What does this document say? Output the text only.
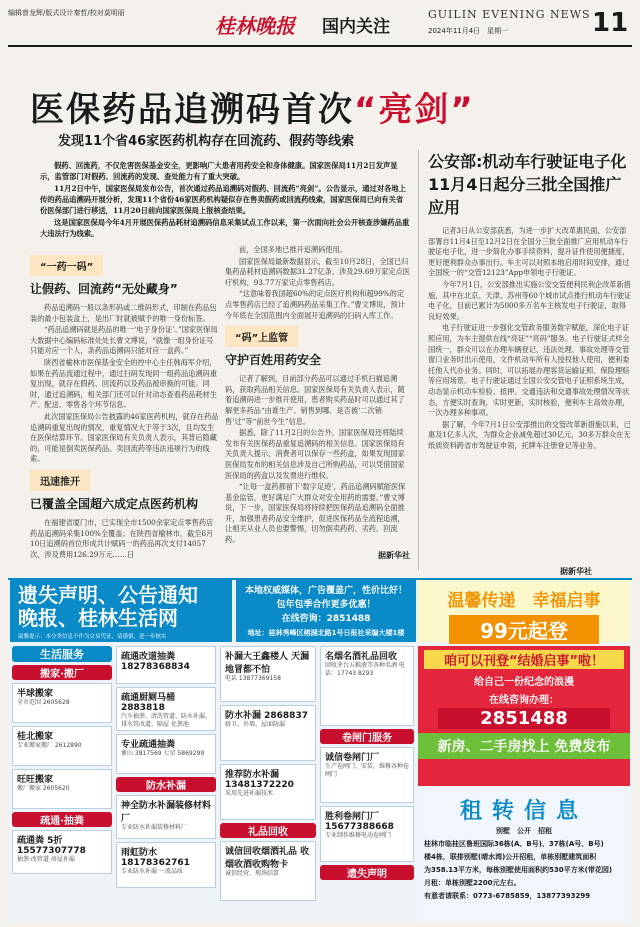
编辑曾龙辉/版式设计秦哲/校对莫明丽
桂林晚报 国内关注
GUILIN EVENING NEWS
2024年11月4日　星期一	11
医保药品追溯码首次“亮剑”
发现11个省46家医药机构存在回流药、假药等线索

假药、回流药，不仅危害医保基金安全，更影响广大患者用药安全和身体健康。国家医保局11月2日发声显示，监管部门对假药、回流药的发现、查处能力有了重大突破。

11月2日中午，国家医保局发布公告，首次通过药品追溯码对假药、回流药“亮剑”。公告显示，通过对各地上传的药品追溯码开展分析，发现11个省份46家医药机构疑似存在售卖假药或回流药线索，国家医保局已向有关省份医保部门进行移送，11月20日前向国家医保局上报核查结果。

这是国家医保局今年4月开展医保药品耗材追溯码信息采集试点工作以来，第一次面向社会公开核查涉嫌药品重大违法行为线索。

“一药一码”
让假药、回流药“无处藏身”

药品追溯码一般以条形码或二维码形式，印制在药品包装的最小包装盒上，是出厂时就被赋予的唯一身份标签。

“药品追溯码就是药品的唯一‘电子身份证’。”国家医保局大数据中心编码标准处处长曹文博说，“就像一组身份证号只能对应一个人，条药品追溯码只能对应一盒药。”

陕西省榆林市医保基金安全的控中心主任韩海军介绍，如果在药品流通过程中，通过扫码发现同一组药品追溯码重复出现，就存在假药、回流药以及药品被串换的可能。同时，通过追溯码，相关部门还可以针对动态查看药品耗材生产、配送、零售各个环节信息。

此次国家医保局公告披露的46家医药机构，就存在药品追溯码重复出现的情况，重复情况大于等于3次，且均发生在医保结算环节。国家医保局有关负责人表示，其背后隐藏的，可能是倒卖医保药品、卖回流药等违法违规行为的线索。

迅速推开
已覆盖全国超六成定点医药机构

在福建省厦门市，已实现全市1500余家定点零售药店药品追溯码采集100%全覆盖；在陕西省榆林市，截至6月10日追溯码首位形成共计赋码一的药品再次支付14057次，涉及费用126.29万元……日

前，全国多地已推开追溯码使用。

国家医保局最新数据显示，截至10月28日，全国已归集药品耗材追溯码数据31.27亿条，涉及29.69万家定点医疗机构，93.77万家定点零售药店。

“这意味着我国超60%的定点医疗机构和超99%的定点零售药店已经了追溯码药品采集工作。”曹文博说，预计今年底在全国范围内全面展开追溯码的扫码入库工作。

“码”上监管
守护百姓用药安全

记者了解到，目前部分药品可以通过手机扫描追溯码，获取药品相关信息。国家医保局有关负责人表示，随着追溯码进一步推开使用，患者购买药品时可以通过其了解更多药品“由谁生产、销售到哪、是否被‘二次销售’过”等“前世今生”信息。

据悉，除了11月2日的公告外，国家医保局还将陆续发布有关医保药品重复追溯码的相关信息。国家医保局有关负责人提示，消费者可以保存一些药盒，如果发现国家医保局发布的相关信息涉及自己所购药品，可以凭借国家医保局的药盒以及发票进行维权。

“让每一盒药都留下‘数字足迹’，药品追溯码赋能医保基金监管，更好满足广大群众对安全用药的需要。”曹文博说，下一步，国家医保局将持续把医保药品追溯码全面推开，加强患者药品安全维护，促进医保药品全流程追溯，让相关从业人员也要警惕，切勿倒卖药药、劣药、回流药。

据新华社
公安部:机动车行驶证电子化11月4日起分三批全国推广应用

记者3日从公安部获悉，为进一步扩大改革惠民面，公安部部署自11月4日至12月2日在全国分三批全面推广应用机动车行驶证电子化，进一步简化办事手续资料，提升证件使用便捷度，更好便利群众办事出行。车主可以对照本地启用时间安排，通过全国统一的“交管12123”App申领电子行驶证。

今年7月1日，公安部推出实施公安交管便利民利企改革新措施，其中在北京、天津、苏州等60个城市试点推行机动车行驶证电子化，目前已累计为5000多万名车主核发电子行驶证，取得良好效果。

电子行驶证进一步强化交管政务服务数字赋能，深化电子证照应用，为车主提供在线“亮证”“亮码”服务。电子行驶证式样全国统一，群众可以在办理车辆登记、违法处理、事故处理等交管窗口业务时出示使用，文件机动车所有人授权他人使用，便利委托他人代办业务。同时，可以拓展办理客货运输证照、保险理赔等应用场景。电子行驶证通过全国公安交管电子证照系统生成，动态显示机动车检验、抵押、交通违法和交通事故处理情况等状态，方便实时查询，实时更新，实时核验，便利车主高效办理，一次办理多种事项。

据了解，今年7月1日公安部推出的交管改革新措施以来，已惠及1亿多人次，为群众企业减免超过30亿元，30多万群众在无纸质资料跨省市驾驶证申领，托牌车注册登记等业务。

据新华社
遗失声明、公告通知
晚报、桂林生活网
温馨提示：本分类信息不作为交易凭证，请谨慎，进一步核实
本地权威媒体，广告覆盖广，性价比好！
包年包季合作更多优惠！
在线咨询：2851488
地址：桂林秀峰区榕湖北路1号日报社采编大楼1楼
温馨传递　幸福启事
99元起登
生活服务
搬家·搬厂
半球搬家
全市范围 2605628
桂北搬家
专业搬家搬厂 2612890
旺旺搬家
搬厂搬家 2605620
疏通·抽粪
疏通粪 5折 15577307778
抽粪·改管道·房屋补漏
疏通改道抽粪 18278368834
疏通厨厕马桶 2883818
汽车抽粪、清洗管道、防水补漏、排水管改道、隔屋 化粪池
专业疏通抽粪
象山 3817569 七星 5869299
防水补漏
神全防水补漏装修材料厂
专业防水补漏装修材料厂
雨虹防水 18178362761
专业防水补漏 一流品质
补漏大王鑫楼人 天漏地冒都不怕
电话 13877369158
防水补漏 2868837
厨卫、外墙、屋面防漏
推荐防水补漏 13481372220
采用先进补漏技术
礼品回收
诚信回收烟酒礼品 收烟收酒收购物卡
诚信经营、现场结算
名烟名酒礼品回收
回收茅台五粮液等各种名酒 电话：17743 8293
卷闸门服务
诚信卷闸门厂
生产卷闸门、安装、维修各种卷闸门
胜利卷闸门厂 15677388668
专业制作维修电动卷闸门
遗失声明
咱可以刊登“结婚启事”啦！
给自己一份纪念的浪漫
在线咨询办理：
2851488
新房、二手房找上 免费发布
租转信息
别墅　公开　招租
桂林市临桂区鲁班国际36栋(A、B号)、37栋(A号、B号)
楼4栋，联排别墅(晴水湾)公开招租，单栋别墅建筑面积
为358.13平方米，每栋别墅使用面积约530平方米(带花园)
月租：单栋别墅2200元左右。
有意者请联系：0773-6785859，13877393299
